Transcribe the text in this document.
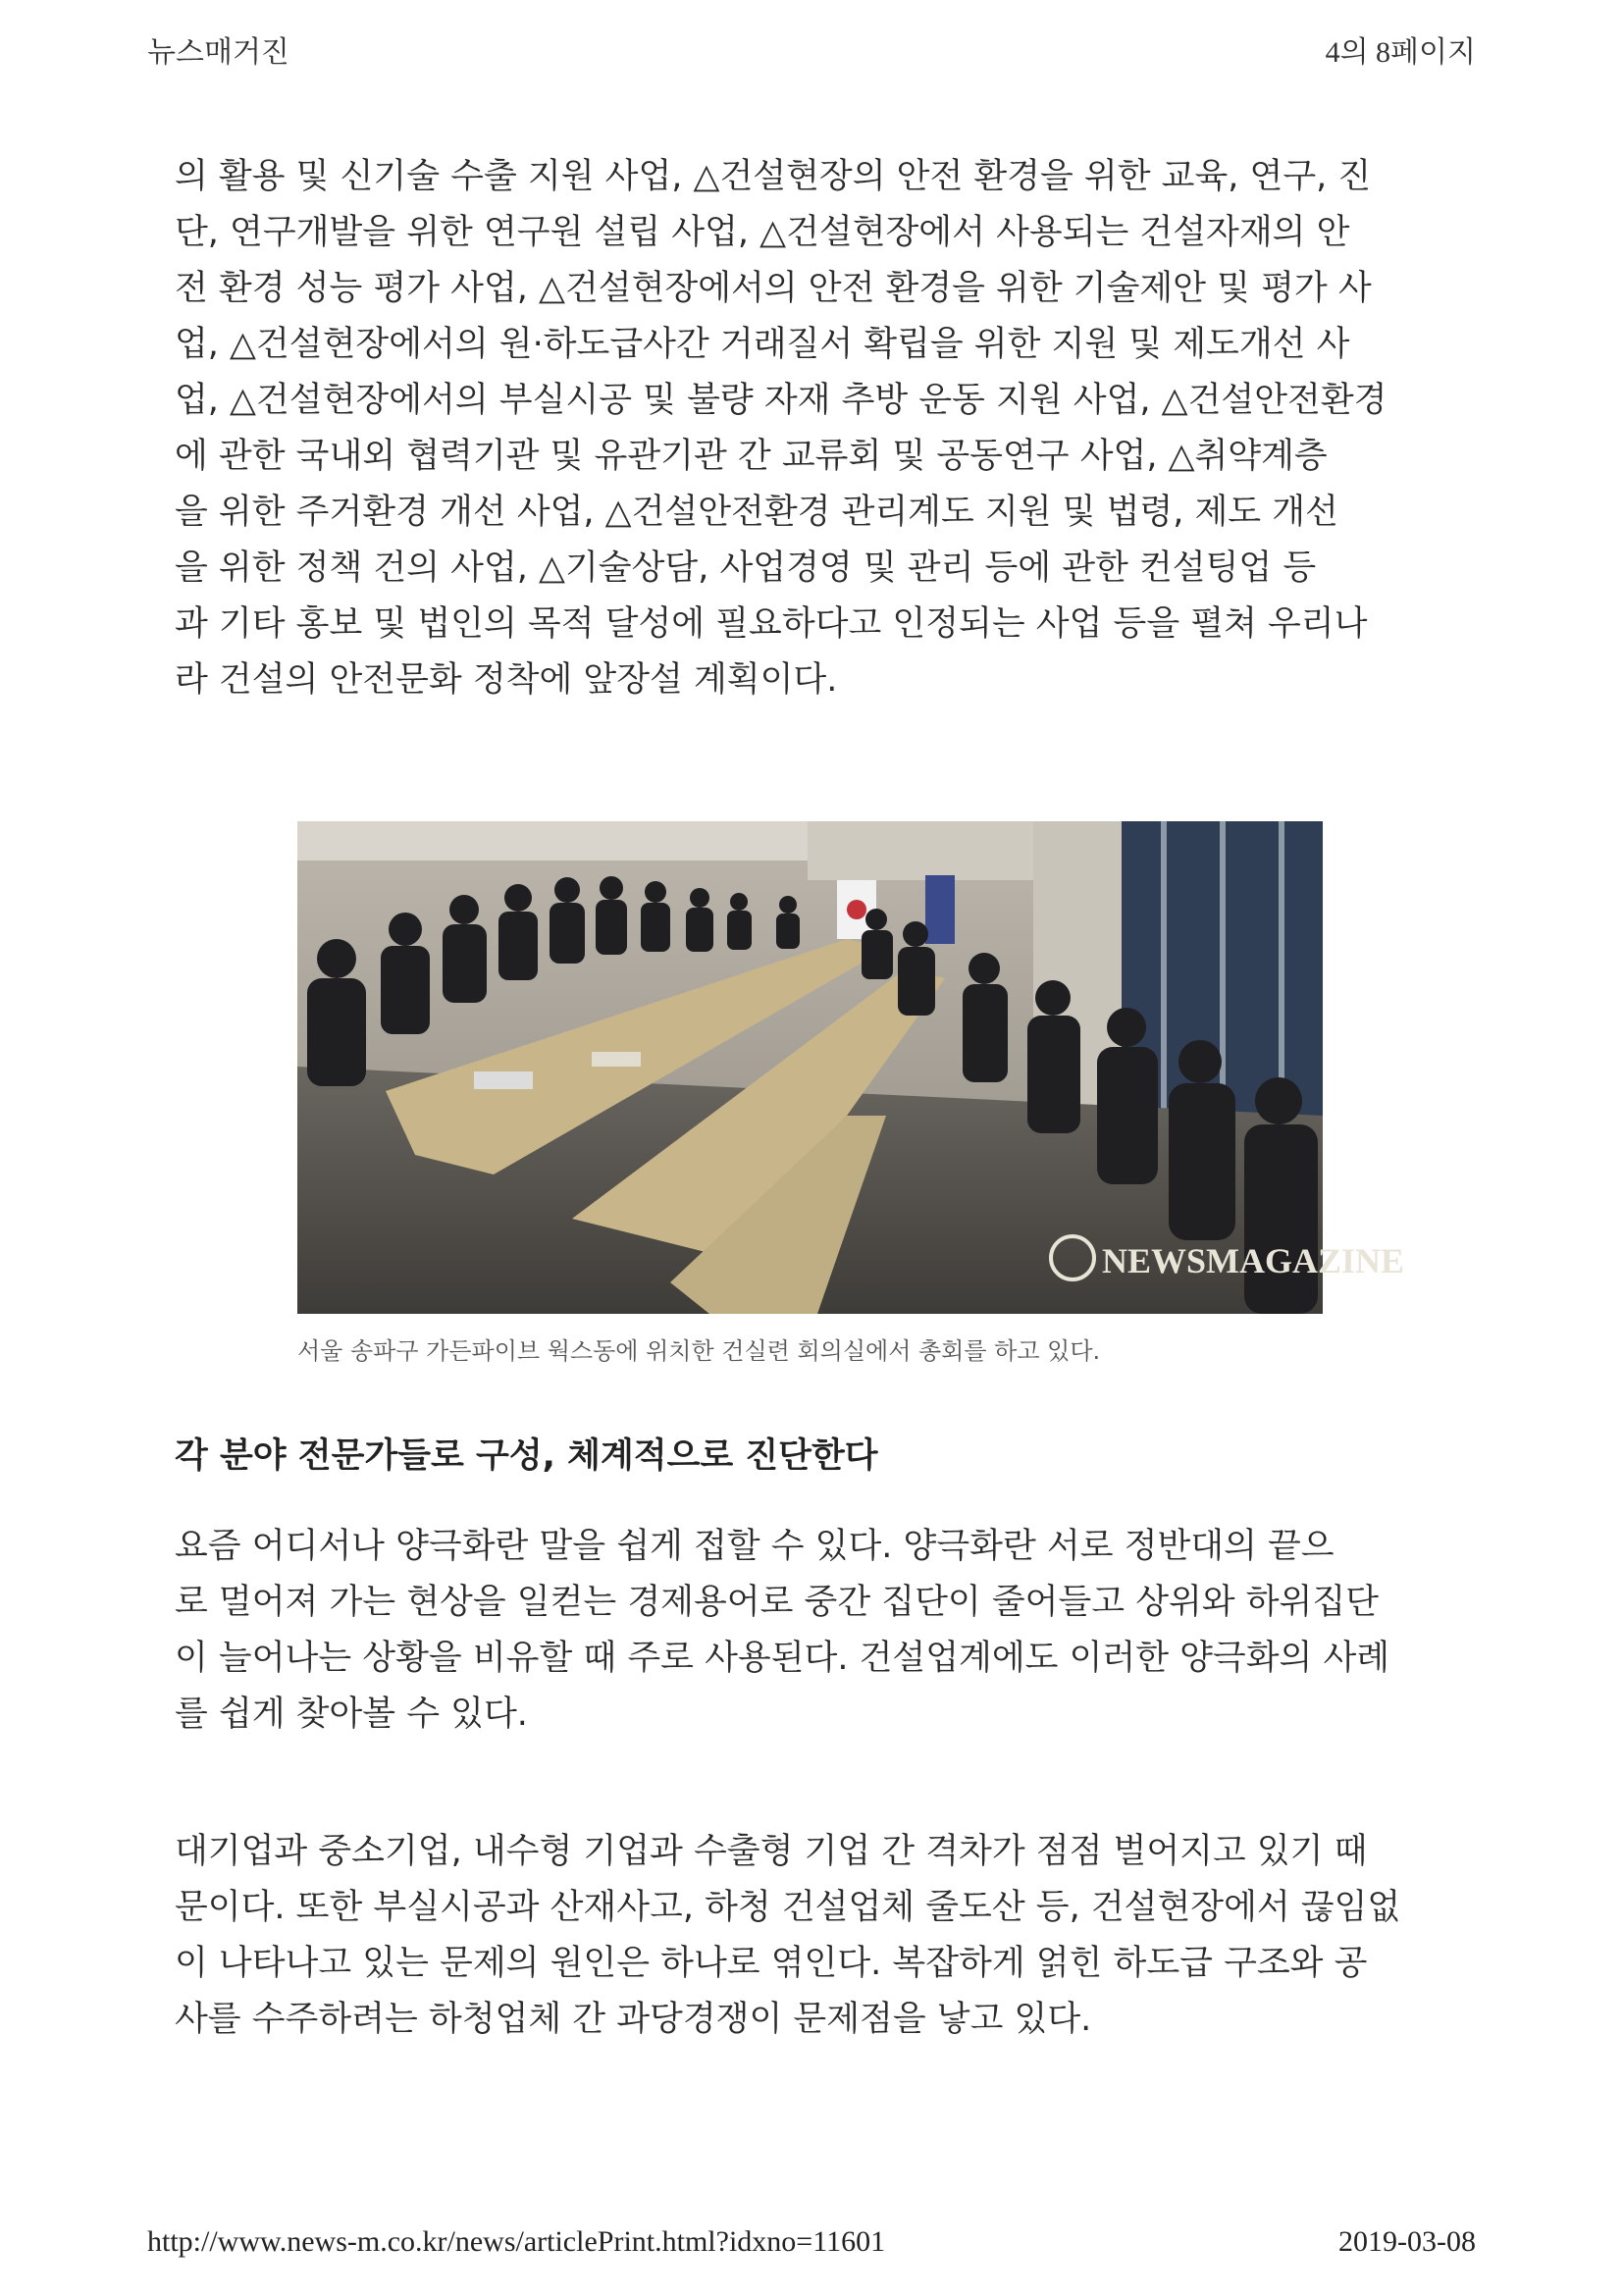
뉴스매거진	4의 8페이지
의 활용 및 신기술 수출 지원 사업, △건설현장의 안전 환경을 위한 교육, 연구, 진
단, 연구개발을 위한 연구원 설립 사업, △건설현장에서 사용되는 건설자재의 안
전 환경 성능 평가 사업, △건설현장에서의 안전 환경을 위한 기술제안 및 평가 사
업, △건설현장에서의 원·하도급사간 거래질서 확립을 위한 지원 및 제도개선 사
업, △건설현장에서의 부실시공 및 불량 자재 추방 운동 지원 사업, △건설안전환경
에 관한 국내외 협력기관 및 유관기관 간 교류회 및 공동연구 사업, △취약계층
을 위한 주거환경 개선 사업, △건설안전환경 관리계도 지원 및 법령, 제도 개선
을 위한 정책 건의 사업, △기술상담, 사업경영 및 관리 등에 관한 컨설팅업 등
과 기타 홍보 및 법인의 목적 달성에 필요하다고 인정되는 사업 등을 펼쳐 우리나
라 건설의 안전문화 정착에 앞장설 계획이다.
NEWSMAGAZINE
서울 송파구 가든파이브 웍스동에 위치한 건실련 회의실에서 총회를 하고 있다.
각 분야 전문가들로 구성, 체계적으로 진단한다
요즘 어디서나 양극화란 말을 쉽게 접할 수 있다. 양극화란 서로 정반대의 끝으
로 멀어져 가는 현상을 일컫는 경제용어로 중간 집단이 줄어들고 상위와 하위집단
이 늘어나는 상황을 비유할 때 주로 사용된다. 건설업계에도 이러한 양극화의 사례
를 쉽게 찾아볼 수 있다.
대기업과 중소기업, 내수형 기업과 수출형 기업 간 격차가 점점 벌어지고 있기 때
문이다. 또한 부실시공과 산재사고, 하청 건설업체 줄도산 등, 건설현장에서 끊임없
이 나타나고 있는 문제의 원인은 하나로 엮인다. 복잡하게 얽힌 하도급 구조와 공
사를 수주하려는 하청업체 간 과당경쟁이 문제점을 낳고 있다.
http://www.news-m.co.kr/news/articlePrint.html?idxno=11601	2019-03-08
